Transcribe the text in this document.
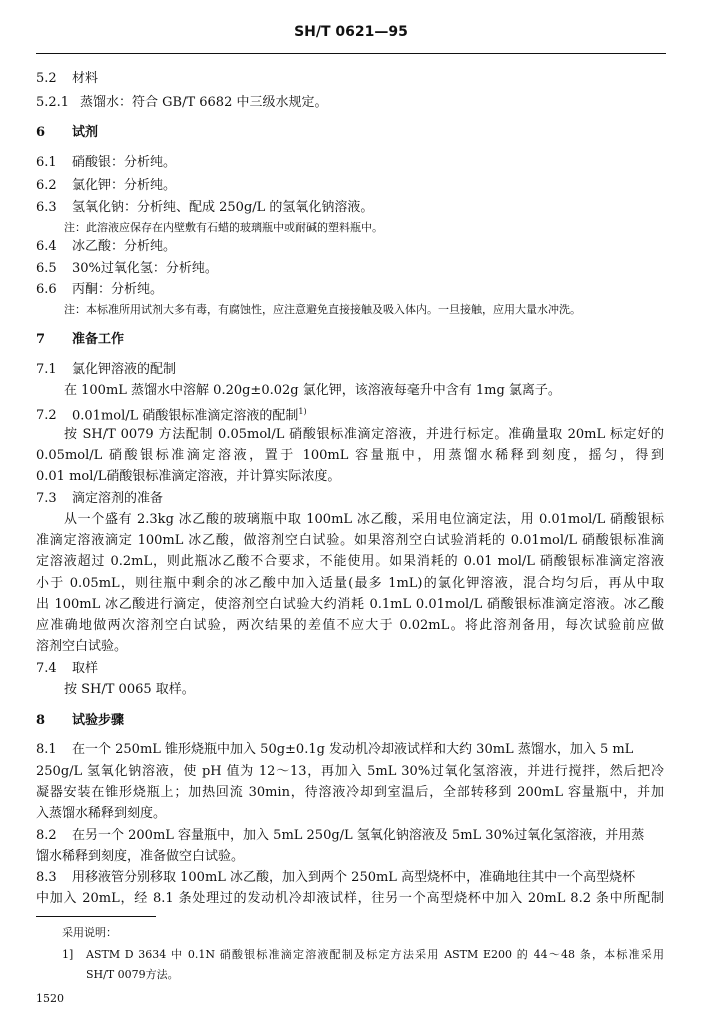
SH/T 0621—95
5.2 材料
5.2.1 蒸馏水：符合 GB/T 6682 中三级水规定。
6 试剂
6.1 硝酸银：分析纯。
6.2 氯化钾：分析纯。
6.3 氢氧化钠：分析纯、配成 250g/L 的氢氧化钠溶液。
注：此溶液应保存在内壁敷有石蜡的玻璃瓶中或耐碱的塑料瓶中。
6.4 冰乙酸：分析纯。
6.5 30%过氧化氢：分析纯。
6.6 丙酮：分析纯。
注：本标准所用试剂大多有毒，有腐蚀性，应注意避免直接接触及吸入体内。一旦接触，应用大量水冲洗。
7 准备工作
7.1 氯化钾溶液的配制
在 100mL 蒸馏水中溶解 0.20g±0.02g 氯化钾，该溶液每毫升中含有 1mg 氯离子。
7.2 0.01mol/L 硝酸银标准滴定溶液的配制$^{1)}$
按 SH/T 0079 方法配制 0.05mol/L 硝酸银标准滴定溶液，并进行标定。准确量取 20mL 标定好的
0.05mol/L 硝酸银标准滴定溶液，置于 100mL 容量瓶中，用蒸馏水稀释到刻度，摇匀，得到
0.01 mol/L硝酸银标准滴定溶液，并计算实际浓度。
7.3 滴定溶剂的准备
从一个盛有 2.3kg 冰乙酸的玻璃瓶中取 100mL 冰乙酸，采用电位滴定法，用 0.01mol/L 硝酸银标
准滴定溶液滴定 100mL 冰乙酸，做溶剂空白试验。如果溶剂空白试验消耗的 0.01mol/L 硝酸银标准滴
定溶液超过 0.2mL，则此瓶冰乙酸不合要求，不能使用。如果消耗的 0.01 mol/L 硝酸银标准滴定溶液
小于 0.05mL，则往瓶中剩余的冰乙酸中加入适量(最多 1mL)的氯化钾溶液，混合均匀后，再从中取
出 100mL 冰乙酸进行滴定，使溶剂空白试验大约消耗 0.1mL 0.01mol/L 硝酸银标准滴定溶液。冰乙酸
应准确地做两次溶剂空白试验，两次结果的差值不应大于 0.02mL。将此溶剂备用，每次试验前应做
溶剂空白试验。
7.4 取样
按 SH/T 0065 取样。
8 试验步骤
8.1 在一个 250mL 锥形烧瓶中加入 50g±0.1g 发动机冷却液试样和大约 30mL 蒸馏水，加入 5 mL
250g/L 氢氧化钠溶液，使 pH 值为 12～13，再加入 5mL 30%过氧化氢溶液，并进行搅拌，然后把冷
凝器安装在锥形烧瓶上；加热回流 30min，待溶液冷却到室温后，全部转移到 200mL 容量瓶中，并加
入蒸馏水稀释到刻度。
8.2 在另一个 200mL 容量瓶中，加入 5mL 250g/L 氢氧化钠溶液及 5mL 30%过氧化氢溶液，并用蒸
馏水稀释到刻度，准备做空白试验。
8.3 用移液管分别移取 100mL 冰乙酸，加入到两个 250mL 高型烧杯中，准确地往其中一个高型烧杯
中加入 20mL，经 8.1 条处理过的发动机冷却液试样，往另一个高型烧杯中加入 20mL 8.2 条中所配制
采用说明：
1] ASTM D 3634 中 0.1N 硝酸银标准滴定溶液配制及标定方法采用 ASTM E200 的 44～48 条，本标准采用
SH/T 0079方法。
1520
